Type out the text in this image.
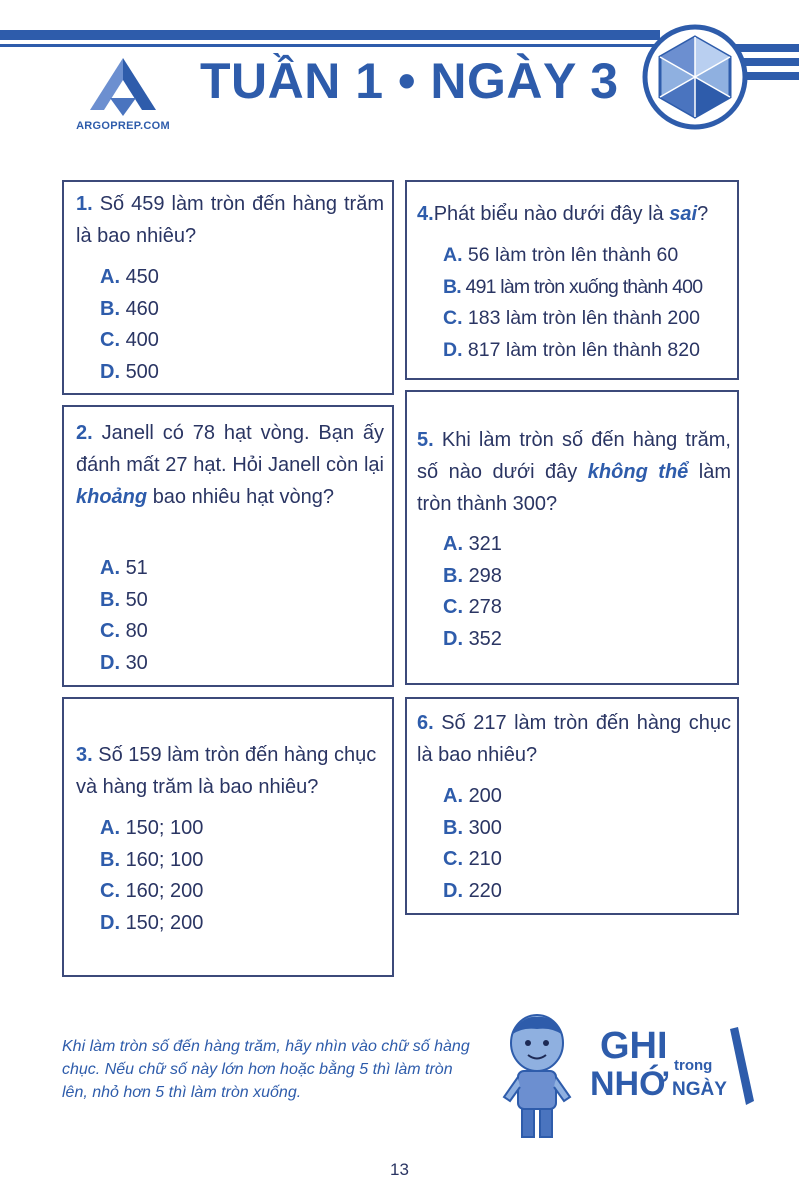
ARGOPREP.COM
TUẦN 1 • NGÀY 3
1. Số 459 làm tròn đến hàng trăm là bao nhiêu?
A. 450
B. 460
C. 400
D. 500
2. Janell có 78 hạt vòng. Bạn ấy đánh mất 27 hạt. Hỏi Janell còn lại khoảng bao nhiêu hạt vòng?
A. 51
B. 50
C. 80
D. 30
3. Số 159 làm tròn đến hàng chục và hàng trăm là bao nhiêu?
A. 150; 100
B. 160; 100
C. 160; 200
D. 150; 200
4.Phát biểu nào dưới đây là sai?
A. 56 làm tròn lên thành 60
B. 491 làm tròn xuống thành 400
C. 183 làm tròn lên thành 200
D. 817 làm tròn lên thành 820
5. Khi làm tròn số đến hàng trăm, số nào dưới đây không thể làm tròn thành 300?
A. 321
B. 298
C. 278
D. 352
6. Số 217 làm tròn đến hàng chục là bao nhiêu?
A. 200
B. 300
C. 210
D. 220
Khi làm tròn số đến hàng trăm, hãy nhìn vào chữ số hàng chục. Nếu chữ số này lớn hơn hoặc bằng 5 thì làm tròn lên, nhỏ hơn 5 thì làm tròn xuống.
GHI trong
NHỚ NGÀY
13
